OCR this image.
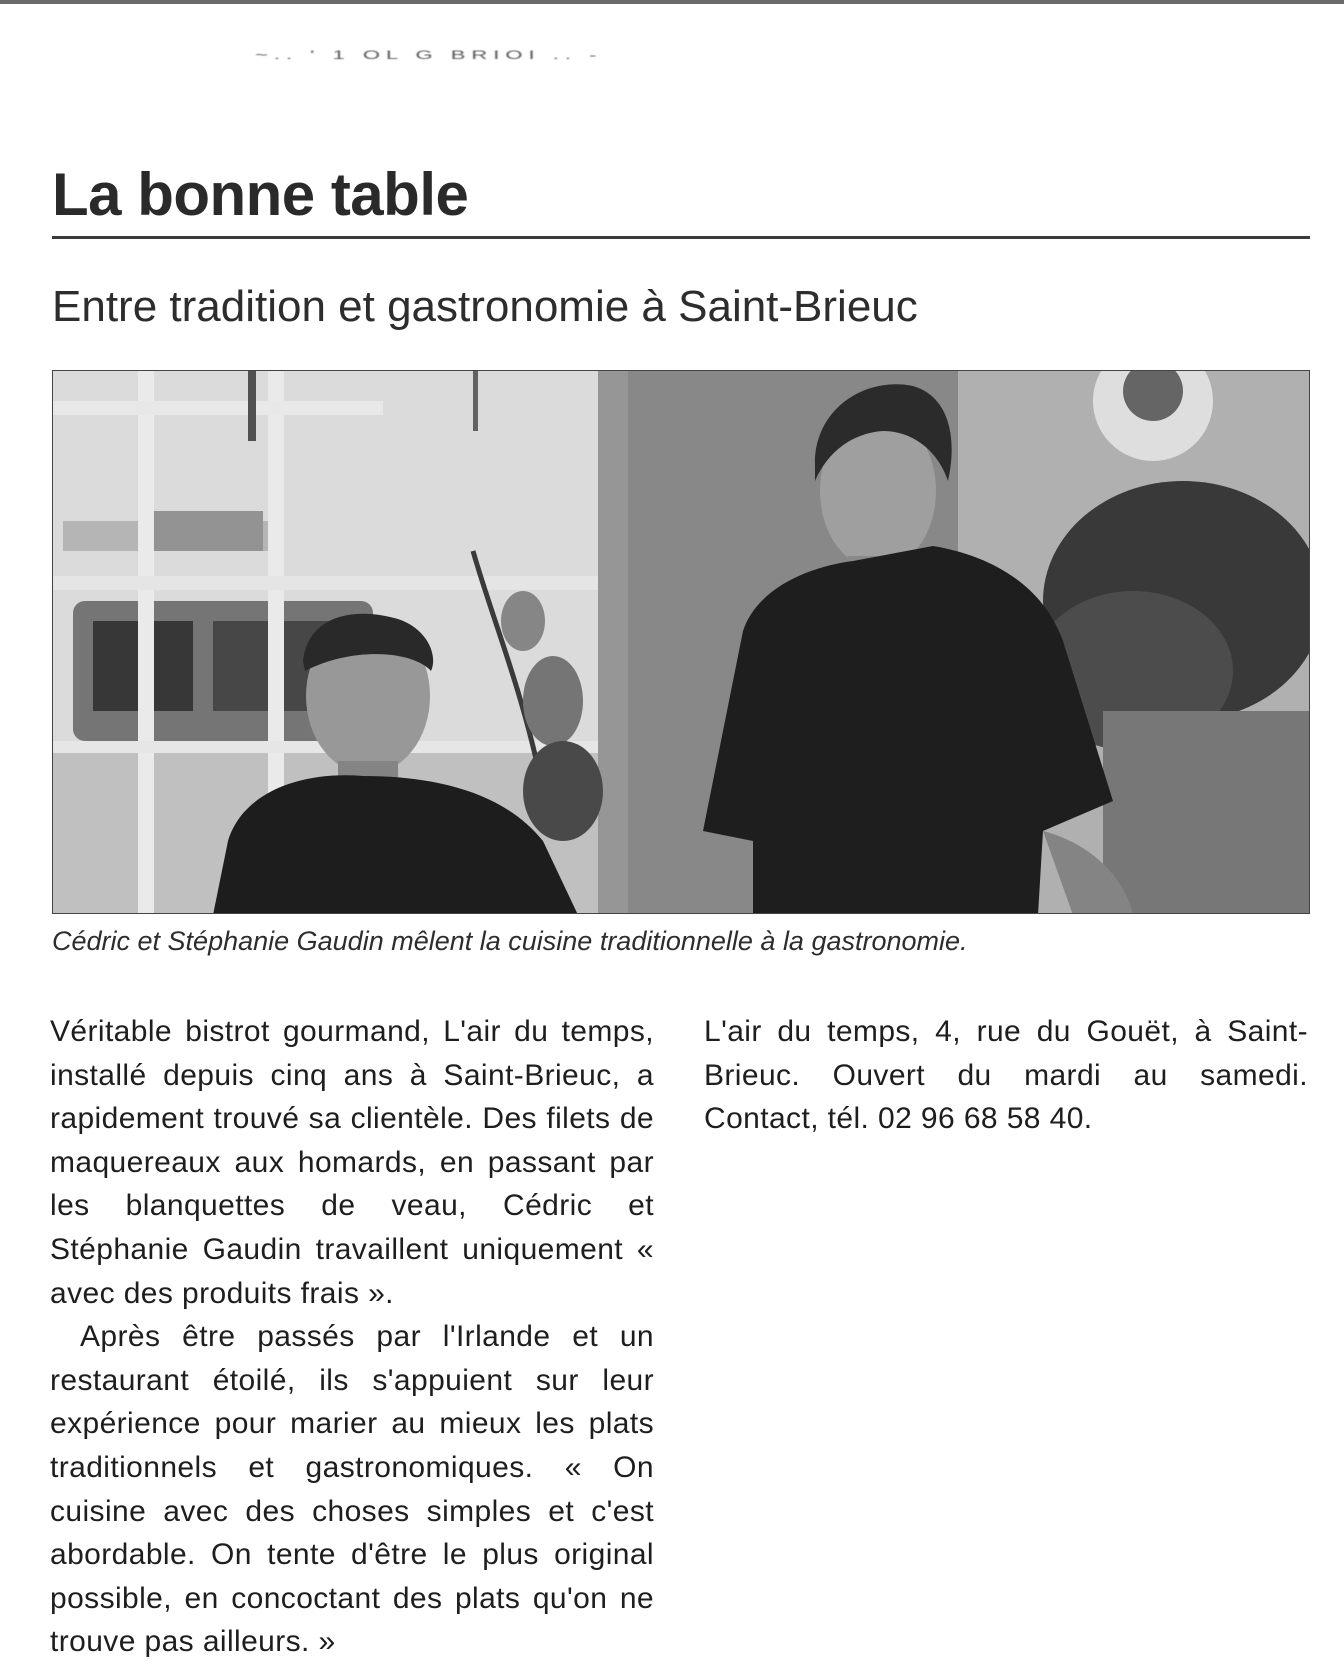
~.. ' 1 OL G BRIOI .. -
La bonne table
Entre tradition et gastronomie à Saint-Brieuc
Cédric et Stéphanie Gaudin mêlent la cuisine traditionnelle à la gastronomie.

Véritable bistrot gourmand, L'air du temps, installé depuis cinq ans à Saint-Brieuc, a rapidement trouvé sa clientèle. Des filets de maquereaux aux homards, en passant par les blanquettes de veau, Cédric et Stéphanie Gaudin travaillent uniquement « avec des produits frais ».

Après être passés par l'Irlande et un restaurant étoilé, ils s'appuient sur leur expérience pour marier au mieux les plats traditionnels et gastronomiques. « On cuisine avec des choses simples et c'est abordable. On tente d'être le plus original possible, en concoctant des plats qu'on ne trouve pas ailleurs. »

L'air du temps, 4, rue du Gouët, à Saint-Brieuc. Ouvert du mardi au samedi. Contact, tél. 02 96 68 58 40.
